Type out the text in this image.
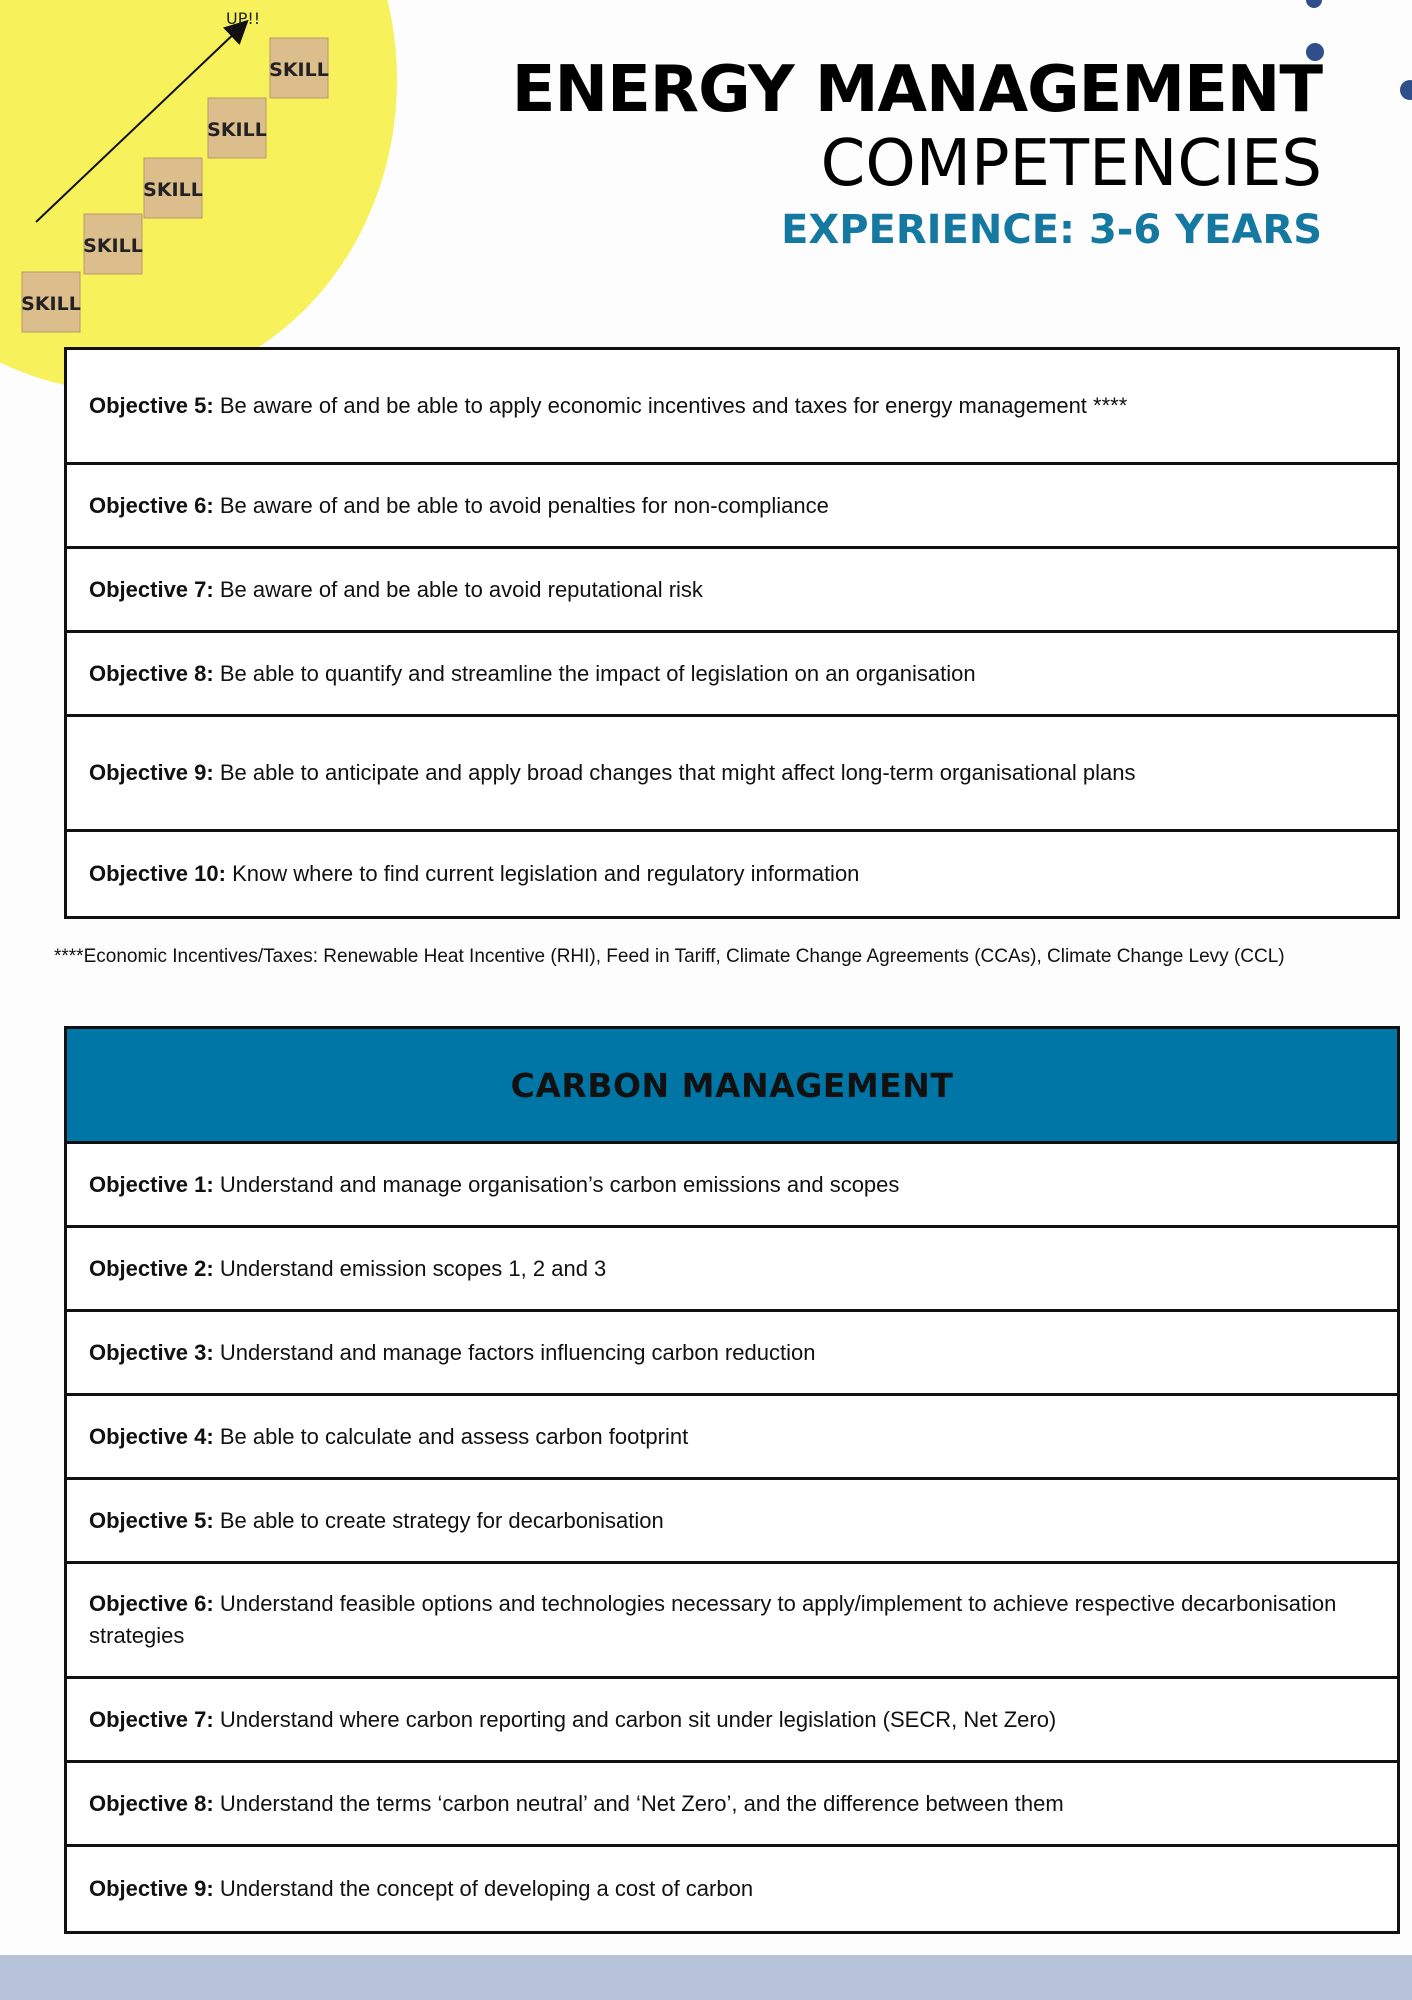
UP!!
SKILL
SKILL
SKILL
SKILL
SKILL	ENERGY MANAGEMENT
COMPETENCIES
EXPERIENCE: 3-6 YEARS
Objective 5: Be aware of and be able to apply economic incentives and taxes for energy management ****
Objective 6: Be aware of and be able to avoid penalties for non-compliance
Objective 7: Be aware of and be able to avoid reputational risk
Objective 8: Be able to quantify and streamline the impact of legislation on an organisation
Objective 9: Be able to anticipate and apply broad changes that might affect long-term organisational plans
Objective 10: Know where to find current legislation and regulatory information
****Economic Incentives/Taxes: Renewable Heat Incentive (RHI), Feed in Tariff, Climate Change Agreements (CCAs), Climate Change Levy (CCL)
CARBON MANAGEMENT
Objective 1: Understand and manage organisation’s carbon emissions and scopes
Objective 2: Understand emission scopes 1, 2 and 3
Objective 3: Understand and manage factors influencing carbon reduction
Objective 4: Be able to calculate and assess carbon footprint
Objective 5: Be able to create strategy for decarbonisation
Objective 6: Understand feasible options and technologies necessary to apply/implement to achieve respective decarbonisation strategies
Objective 7: Understand where carbon reporting and carbon sit under legislation (SECR, Net Zero)
Objective 8: Understand the terms ‘carbon neutral’ and ‘Net Zero’, and the difference between them
Objective 9: Understand the concept of developing a cost of carbon
